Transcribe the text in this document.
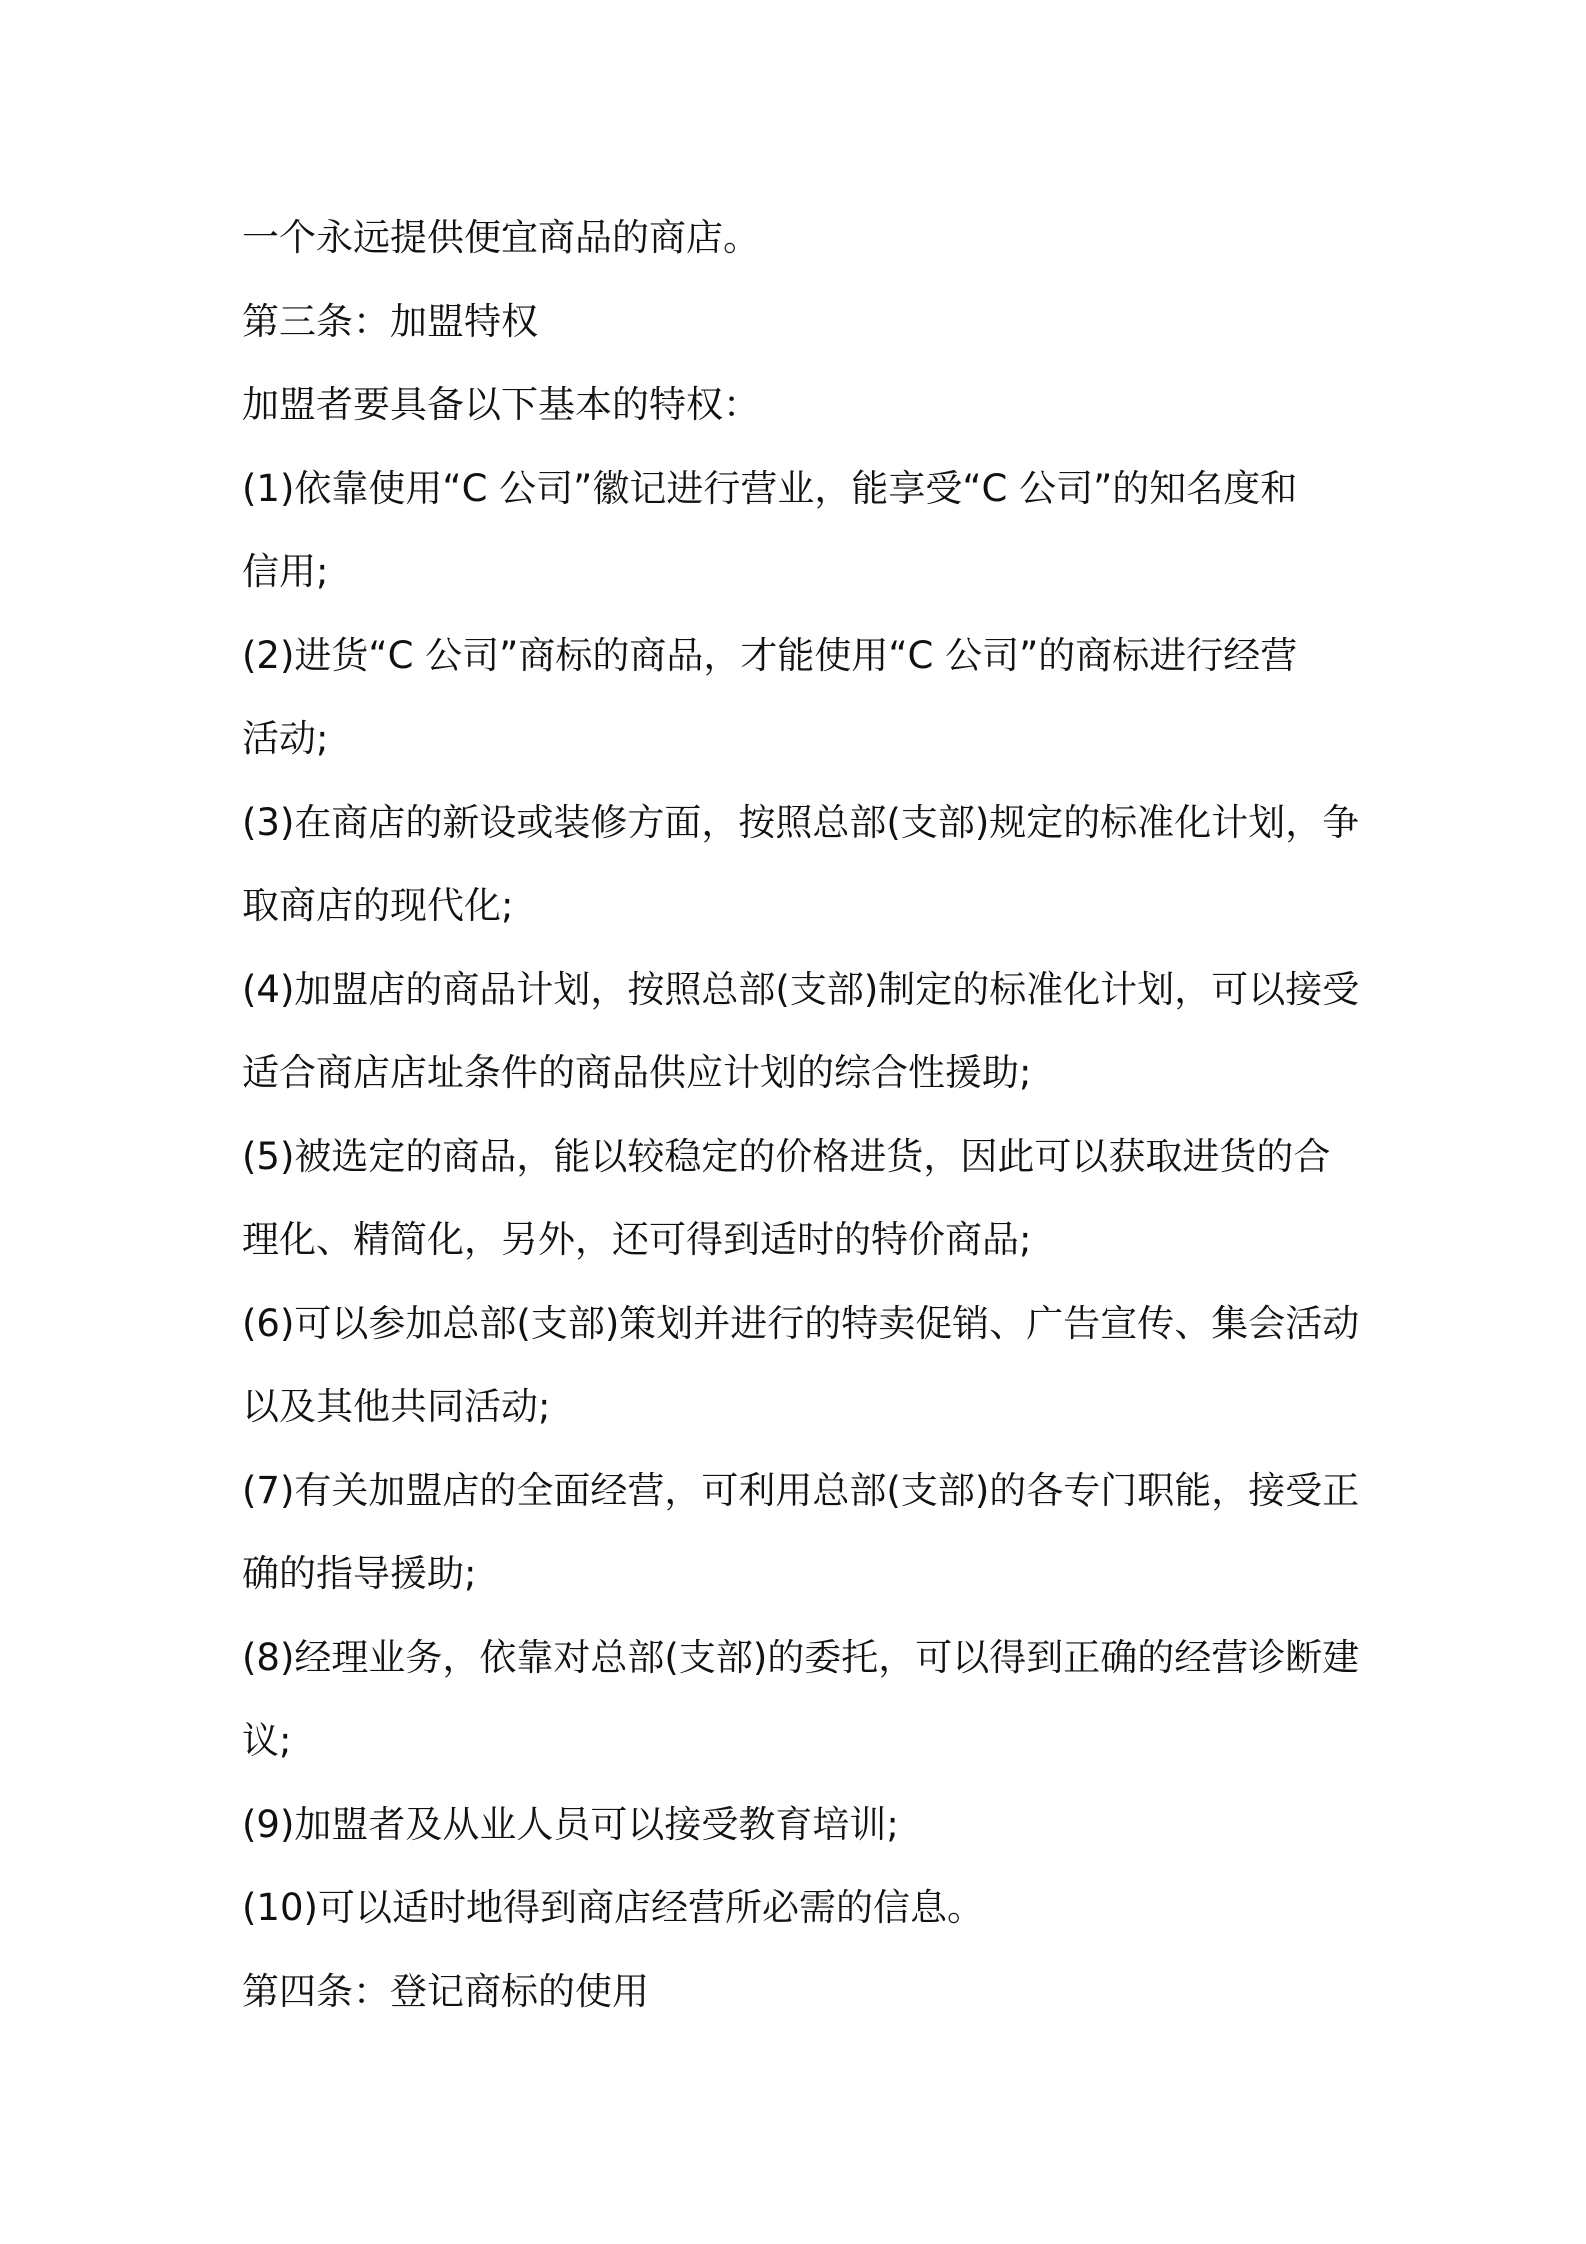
一个永远提供便宜商品的商店。
第三条：加盟特权
加盟者要具备以下基本的特权：
(1)依靠使用“C 公司”徽记进行营业，能享受“C 公司”的知名度和
信用;
(2)进货“C 公司”商标的商品，才能使用“C 公司”的商标进行经营
活动;
(3)在商店的新设或装修方面，按照总部(支部)规定的标准化计划，争
取商店的现代化;
(4)加盟店的商品计划，按照总部(支部)制定的标准化计划，可以接受
适合商店店址条件的商品供应计划的综合性援助;
(5)被选定的商品，能以较稳定的价格进货，因此可以获取进货的合
理化、精简化，另外，还可得到适时的特价商品;
(6)可以参加总部(支部)策划并进行的特卖促销、广告宣传、集会活动
以及其他共同活动;
(7)有关加盟店的全面经营，可利用总部(支部)的各专门职能，接受正
确的指导援助;
(8)经理业务，依靠对总部(支部)的委托，可以得到正确的经营诊断建
议;
(9)加盟者及从业人员可以接受教育培训;
(10)可以适时地得到商店经营所必需的信息。
第四条：登记商标的使用
